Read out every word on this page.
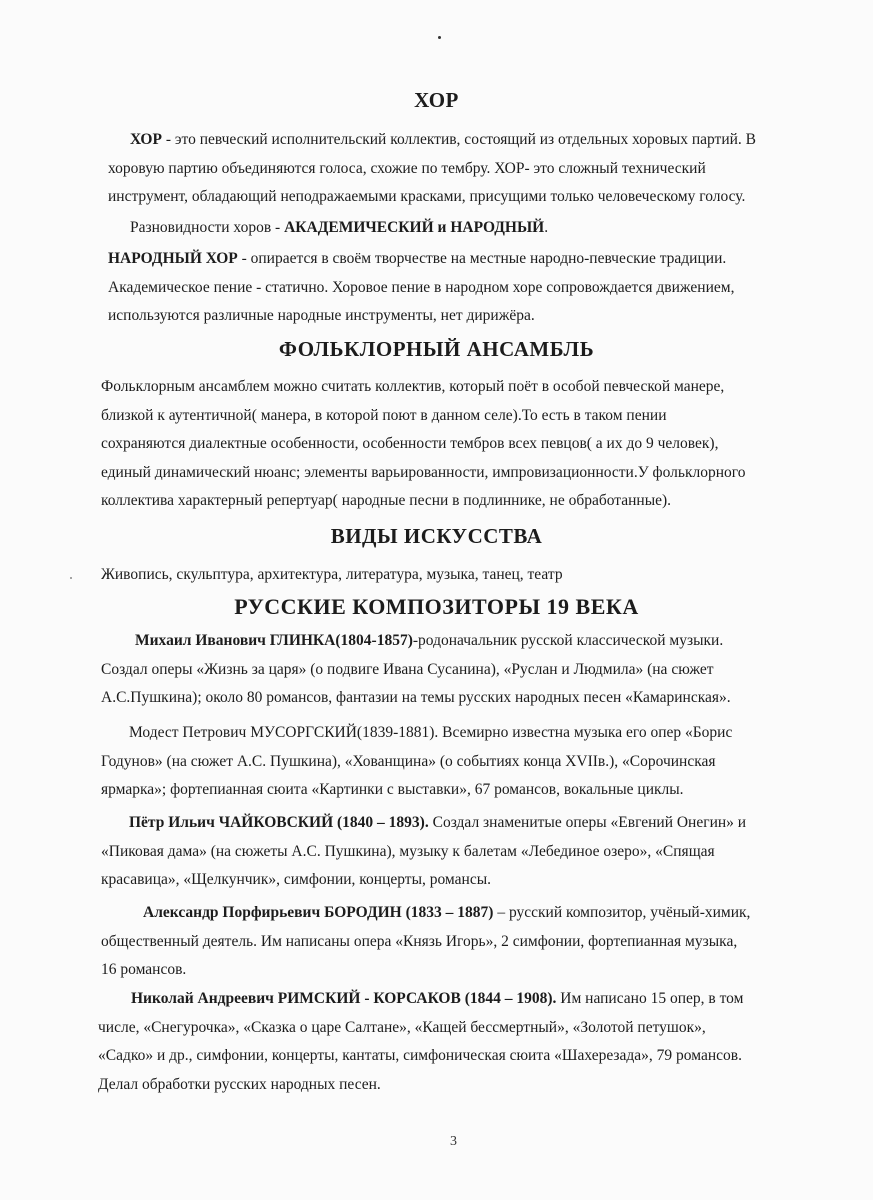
ХОР
ХОР - это певческий исполнительский коллектив, состоящий из отдельных хоровых партий. В
хоровую партию объединяются голоса, схожие по тембру. ХОР- это сложный технический
инструмент, обладающий неподражаемыми красками, присущими только человеческому голосу.
Разновидности хоров - АКАДЕМИЧЕСКИЙ и НАРОДНЫЙ.
НАРОДНЫЙ ХОР - опирается в своём творчестве на местные народно-певческие традиции.
Академическое пение - статично. Хоровое пение в народном хоре сопровождается движением,
используются различные народные инструменты, нет дирижёра.
ФОЛЬКЛОРНЫЙ АНСАМБЛЬ
Фольклорным ансамблем можно считать коллектив, который поёт в особой певческой манере,
близкой к аутентичной( манера, в которой поют в данном селе).То есть в таком пении
сохраняются диалектные особенности, особенности тембров всех певцов( а их до 9 человек),
единый динамический нюанс; элементы варьированности, импровизационности.У фольклорного
коллектива характерный репертуар( народные песни в подлиннике, не обработанные).
ВИДЫ ИСКУССТВА
Живопись, скульптура, архитектура, литература, музыка, танец, театр
РУССКИЕ КОМПОЗИТОРЫ 19 ВЕКА
Михаил Иванович ГЛИНКА(1804-1857)-родоначальник русской классической музыки.
Создал оперы «Жизнь за царя» (о подвиге Ивана Сусанина), «Руслан и Людмила» (на сюжет
А.С.Пушкина); около 80 романсов, фантазии на темы русских народных песен «Камаринская».
Модест Петрович МУСОРГСКИЙ(1839-1881). Всемирно известна музыка его опер «Борис
Годунов» (на сюжет А.С. Пушкина), «Хованщина» (о событиях конца XVIIв.), «Сорочинская
ярмарка»; фортепианная сюита «Картинки с выставки», 67 романсов, вокальные циклы.
Пётр Ильич ЧАЙКОВСКИЙ (1840 – 1893). Создал знаменитые оперы «Евгений Онегин» и
«Пиковая дама» (на сюжеты А.С. Пушкина), музыку к балетам «Лебединое озеро», «Спящая
красавица», «Щелкунчик», симфонии, концерты, романсы.
Александр Порфирьевич БОРОДИН (1833 – 1887) – русский композитор, учёный-химик,
общественный деятель. Им написаны опера «Князь Игорь», 2 симфонии, фортепианная музыка,
16 романсов.
Николай Андреевич РИМСКИЙ - КОРСАКОВ (1844 – 1908). Им написано 15 опер, в том
числе, «Снегурочка», «Сказка о царе Салтане», «Кащей бессмертный», «Золотой петушок»,
«Садко» и др., симфонии, концерты, кантаты, симфоническая сюита «Шахерезада», 79 романсов.
Делал обработки русских народных песен.
3
